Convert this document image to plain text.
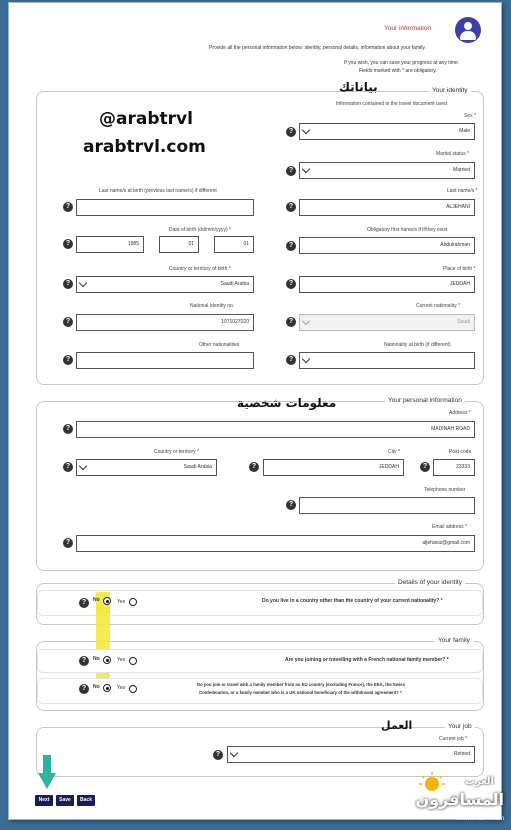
Your information
Provide all the personal information below: identity, personal details, information about your family.
If you wish, you can save your progress at any time.
Fields marked with * are obligatory.
@arabtrvl
arabtrvl.com
Your identity
بياناتك
Information contained in the travel document used
Sex *
?	Male
Marital status *
?	Married
Last name/s at birth (previous last name/s) if different
?
Last name/s *
?	ALJEHANI
Date of birth (dd/mm/yyyy) *
?	1985	01	01
Obligatory first name/s if if/they exist
?	Abdulrahman
Country or territory of birth *
?	Saudi Arabia
Place of birth *
?	JEDDAH
National Identity no.
?	1071027020
Current nationality *
?	Saudi
Other nationalities
?
Nationality at birth (if different)
?
Your personal information
معلومات شخصية
Address *
?	MADINAH ROAD
Country or territory *
?	Saudi Arabia
City *
?	JEDDAH
Post code
?	23333
Telephone number
?
Email address *
?	aljehaniz@gmail.com
Details of your identity
?	No	Yes	Do you live in a country other than the country of your current nationality? *
Your family
?	No	Yes	Are you joining or travelling with a French national family member? *
?	No	Yes
Do you join or travel with a family member from an EU country (excluding France), the EEA, the Swiss
Confederation, or a family member who is a UK national beneficiary of the withdrawal agreement? *
Your job
العمل
Current job *
?	Retired
Next	Save	Back
العرب
المسافرون
www.arabtrvl.com
